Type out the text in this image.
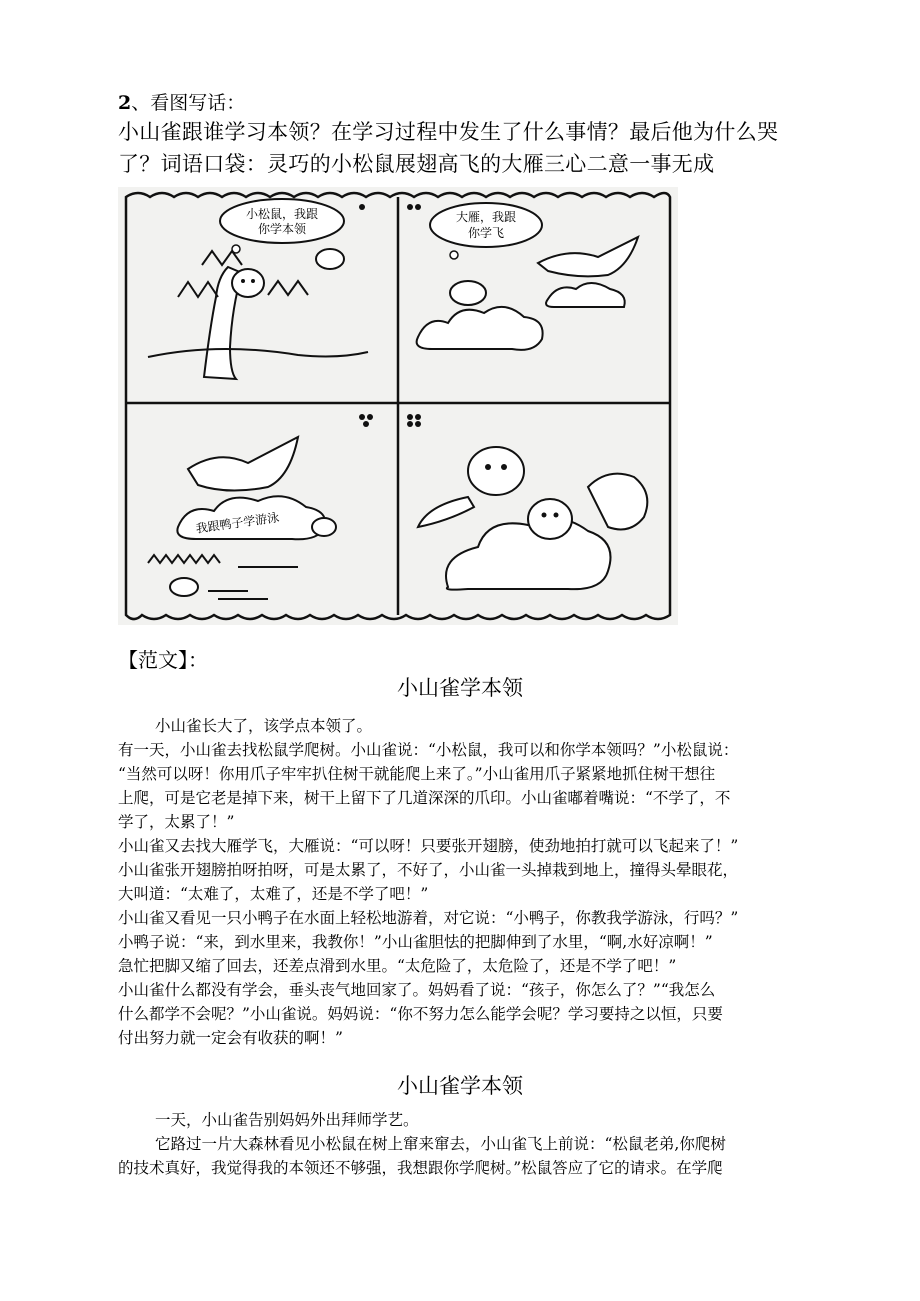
2、看图写话：
小山雀跟谁学习本领？在学习过程中发生了什么事情？最后他为什么哭
了？词语口袋：灵巧的小松鼠展翅高飞的大雁三心二意一事无成
小松鼠，我跟
你学本领
大雁，我跟
你学飞
我跟鸭子学游泳
【范文】：
小山雀学本领
小山雀长大了，该学点本领了。
有一天，小山雀去找松鼠学爬树。小山雀说：“小松鼠，我可以和你学本领吗？”小松鼠说：
“当然可以呀！你用爪子牢牢扒住树干就能爬上来了。”小山雀用爪子紧紧地抓住树干想往
上爬，可是它老是掉下来，树干上留下了几道深深的爪印。小山雀嘟着嘴说：“不学了，不
学了，太累了！”
小山雀又去找大雁学飞，大雁说：“可以呀！只要张开翅膀，使劲地拍打就可以飞起来了！”
小山雀张开翅膀拍呀拍呀，可是太累了，不好了，小山雀一头掉栽到地上，撞得头晕眼花，
大叫道：“太难了，太难了，还是不学了吧！”
小山雀又看见一只小鸭子在水面上轻松地游着，对它说：“小鸭子，你教我学游泳，行吗？”
小鸭子说：“来，到水里来，我教你！”小山雀胆怯的把脚伸到了水里，“啊,水好凉啊！”
急忙把脚又缩了回去，还差点滑到水里。“太危险了，太危险了，还是不学了吧！”
小山雀什么都没有学会，垂头丧气地回家了。妈妈看了说：“孩子，你怎么了？”“我怎么
什么都学不会呢？”小山雀说。妈妈说：“你不努力怎么能学会呢？学习要持之以恒，只要
付出努力就一定会有收获的啊！”
小山雀学本领
一天，小山雀告别妈妈外出拜师学艺。
它路过一片大森林看见小松鼠在树上窜来窜去，小山雀飞上前说：“松鼠老弟,你爬树
的技术真好，我觉得我的本领还不够强，我想跟你学爬树。”松鼠答应了它的请求。在学爬
